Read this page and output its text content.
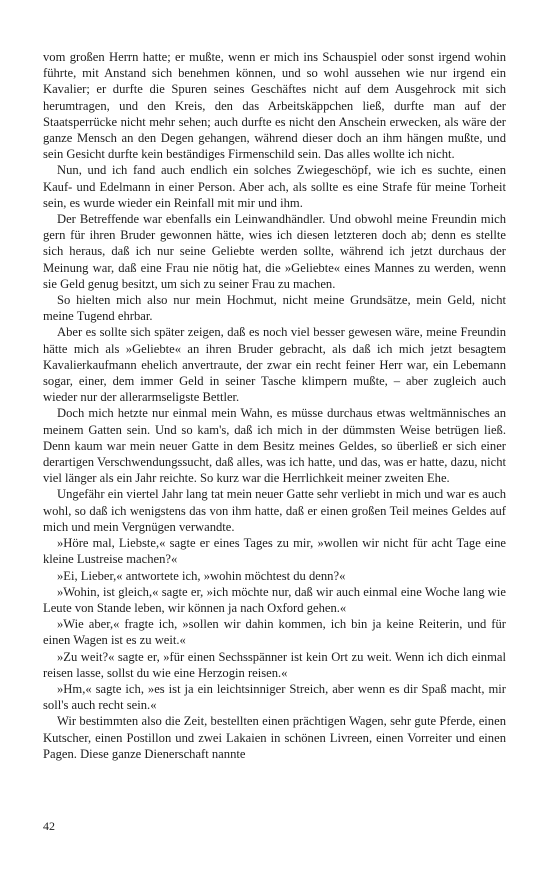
vom großen Herrn hatte; er mußte, wenn er mich ins Schauspiel oder sonst irgend wohin führte, mit Anstand sich benehmen können, und so wohl aussehen wie nur irgend ein Kavalier; er durfte die Spuren seines Geschäftes nicht auf dem Ausgehrock mit sich herumtragen, und den Kreis, den das Arbeitskäppchen ließ, durfte man auf der Staatsperrücke nicht mehr sehen; auch durfte es nicht den Anschein erwecken, als wäre der ganze Mensch an den Degen gehangen, während dieser doch an ihm hängen mußte, und sein Gesicht durfte kein beständiges Firmenschild sein. Das alles wollte ich nicht.

Nun, und ich fand auch endlich ein solches Zwiegeschöpf, wie ich es suchte, einen Kauf- und Edelmann in einer Person. Aber ach, als sollte es eine Strafe für meine Torheit sein, es wurde wieder ein Reinfall mit mir und ihm.

Der Betreffende war ebenfalls ein Leinwandhändler. Und obwohl meine Freundin mich gern für ihren Bruder gewonnen hätte, wies ich diesen letzteren doch ab; denn es stellte sich heraus, daß ich nur seine Geliebte werden sollte, während ich jetzt durchaus der Meinung war, daß eine Frau nie nötig hat, die »Geliebte« eines Mannes zu werden, wenn sie Geld genug besitzt, um sich zu seiner Frau zu machen.

So hielten mich also nur mein Hochmut, nicht meine Grundsätze, mein Geld, nicht meine Tugend ehrbar.

Aber es sollte sich später zeigen, daß es noch viel besser gewesen wäre, meine Freundin hätte mich als »Geliebte« an ihren Bruder gebracht, als daß ich mich jetzt besagtem Kavalierkaufmann ehelich anvertraute, der zwar ein recht feiner Herr war, ein Lebemann sogar, einer, dem immer Geld in seiner Tasche klimpern mußte, – aber zugleich auch wieder nur der allerarmseligste Bettler.

Doch mich hetzte nur einmal mein Wahn, es müsse durchaus etwas weltmännisches an meinem Gatten sein. Und so kam's, daß ich mich in der dümmsten Weise betrügen ließ. Denn kaum war mein neuer Gatte in dem Besitz meines Geldes, so überließ er sich einer derartigen Verschwendungssucht, daß alles, was ich hatte, und das, was er hatte, dazu, nicht viel länger als ein Jahr reichte. So kurz war die Herrlichkeit meiner zweiten Ehe.

Ungefähr ein viertel Jahr lang tat mein neuer Gatte sehr verliebt in mich und war es auch wohl, so daß ich wenigstens das von ihm hatte, daß er einen großen Teil meines Geldes auf mich und mein Vergnügen verwandte.

»Höre mal, Liebste,« sagte er eines Tages zu mir, »wollen wir nicht für acht Tage eine kleine Lustreise machen?«

»Ei, Lieber,« antwortete ich, »wohin möchtest du denn?«

»Wohin, ist gleich,« sagte er, »ich möchte nur, daß wir auch einmal eine Woche lang wie Leute von Stande leben, wir können ja nach Oxford gehen.«

»Wie aber,« fragte ich, »sollen wir dahin kommen, ich bin ja keine Reiterin, und für einen Wagen ist es zu weit.«

»Zu weit?« sagte er, »für einen Sechsspänner ist kein Ort zu weit. Wenn ich dich einmal reisen lasse, sollst du wie eine Herzogin reisen.«

»Hm,« sagte ich, »es ist ja ein leichtsinniger Streich, aber wenn es dir Spaß macht, mir soll's auch recht sein.«

Wir bestimmten also die Zeit, bestellten einen prächtigen Wagen, sehr gute Pferde, einen Kutscher, einen Postillon und zwei Lakaien in schönen Livreen, einen Vorreiter und einen Pagen. Diese ganze Dienerschaft nannte

42
